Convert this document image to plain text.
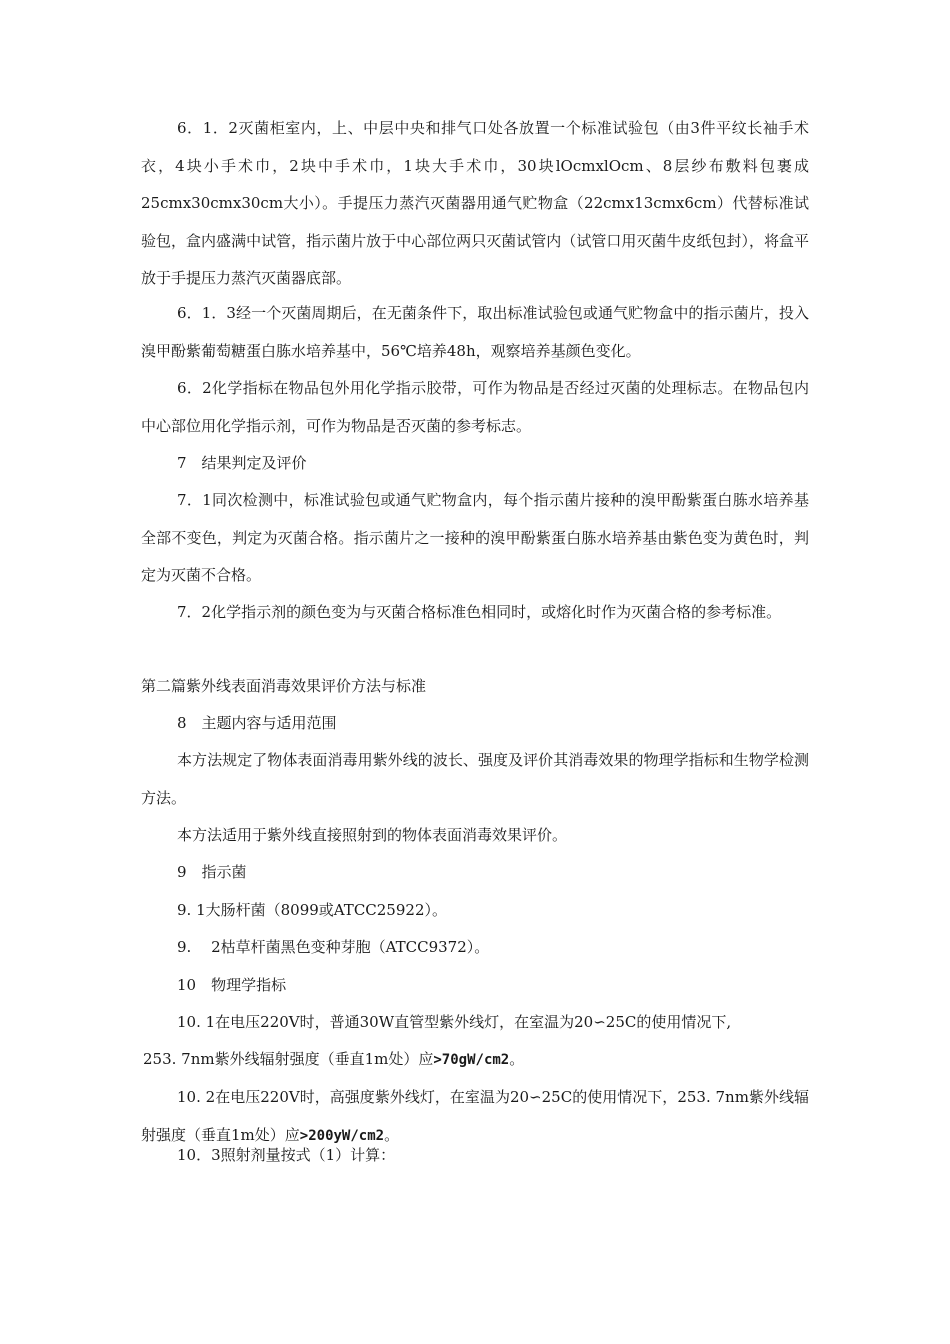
6．1．2灭菌柜室内，上、中层中央和排气口处各放置一个标准试验包（由3件平纹长袖手术衣，4块小手术巾，2块中手术巾，1块大手术巾，30块lOcmxlOcm、8层纱布敷料包裹成25cmx30cmx30cm大小）。手提压力蒸汽灭菌器用通气贮物盒（22cmx13cmx6cm）代替标准试验包，盒内盛满中试管，指示菌片放于中心部位两只灭菌试管内（试管口用灭菌牛皮纸包封），将盒平放于手提压力蒸汽灭菌器底部。

6．1．3经一个灭菌周期后，在无菌条件下，取出标准试验包或通气贮物盒中的指示菌片，投入溴甲酚紫葡萄糖蛋白胨水培养基中，56℃培养48h，观察培养基颜色变化。

6．2化学指标在物品包外用化学指示胶带，可作为物品是否经过灭菌的处理标志。在物品包内中心部位用化学指示剂，可作为物品是否灭菌的参考标志。

7　结果判定及评价

7．1同次检测中，标准试验包或通气贮物盒内，每个指示菌片接种的溴甲酚紫蛋白胨水培养基全部不变色，判定为灭菌合格。指示菌片之一接种的溴甲酚紫蛋白胨水培养基由紫色变为黄色时，判定为灭菌不合格。

7．2化学指示剂的颜色变为与灭菌合格标准色相同时，或熔化时作为灭菌合格的参考标准。

第二篇紫外线表面消毒效果评价方法与标准

8　主题内容与适用范围

本方法规定了物体表面消毒用紫外线的波长、强度及评价其消毒效果的物理学指标和生物学检测方法。

本方法适用于紫外线直接照射到的物体表面消毒效果评价。

9　指示菌

9. 1大肠杆菌（8099或ATCC25922）。

9.　 2枯草杆菌黑色变种芽胞（ATCC9372）。

10　物理学指标

10. 1在电压220V时，普通30W直管型紫外线灯，在室温为20∽25C的使用情况下,

253. 7nm紫外线辐射强度（垂直1m处）应>70gW/cm2。

10. 2在电压220V时，高强度紫外线灯，在室温为20∽25C的使用情况下，253. 7nm紫外线辐射强度（垂直1m处）应>200yW/cm2。

10．3照射剂量按式（1）计算：
